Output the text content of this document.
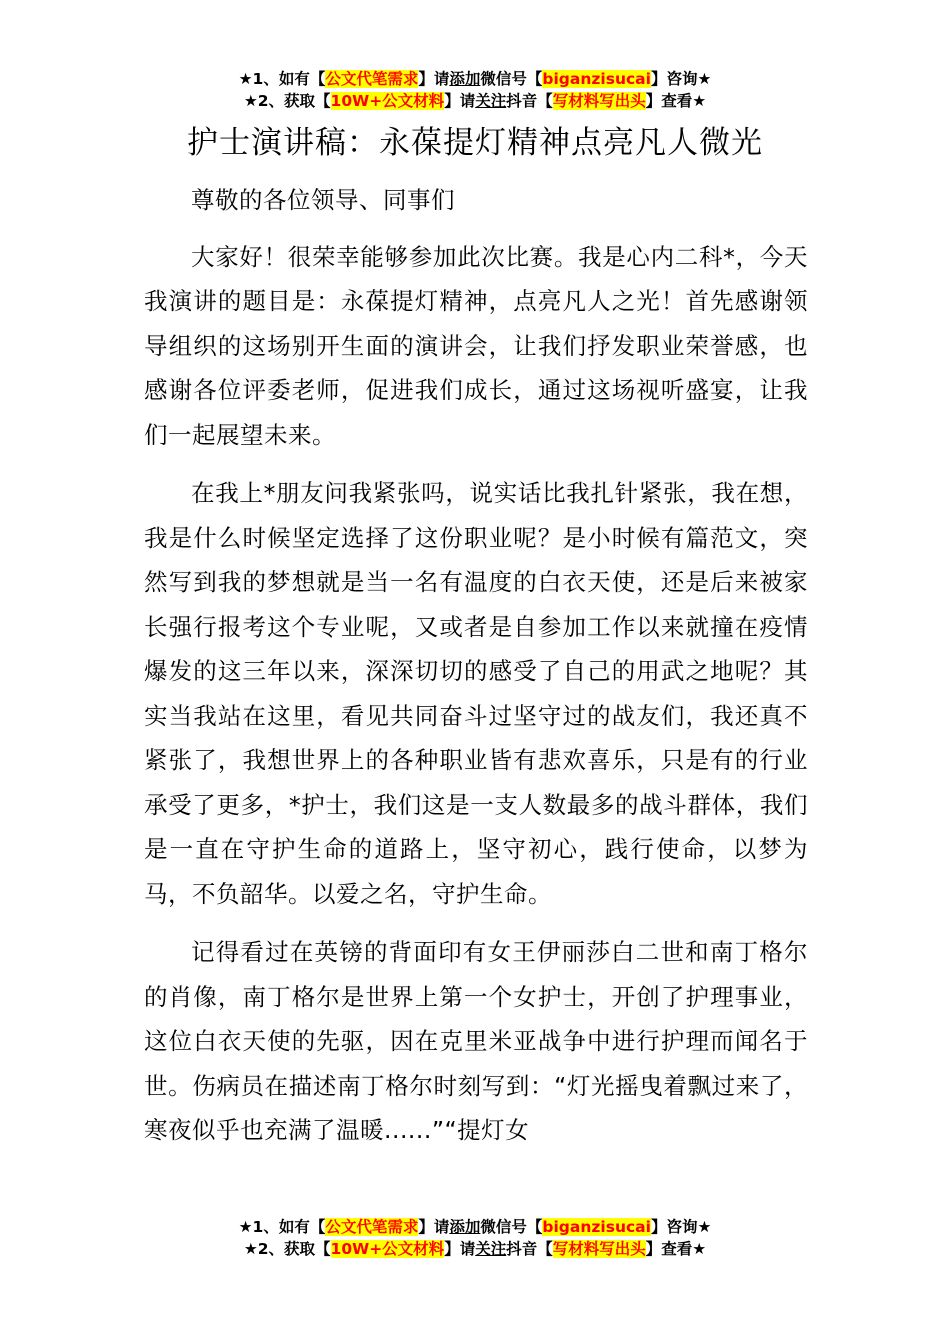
★1、如有【公文代笔需求】请添加微信号【biganzisucai】咨询★
★2、获取【10W+公文材料】请关注抖音【写材料写出头】查看★
护士演讲稿：永葆提灯精神点亮凡人微光

尊敬的各位领导、同事们

大家好！很荣幸能够参加此次比赛。我是心内二科*，今天我演讲的题目是：永葆提灯精神，点亮凡人之光！首先感谢领导组织的这场别开生面的演讲会，让我们抒发职业荣誉感，也感谢各位评委老师，促进我们成长，通过这场视听盛宴，让我们一起展望未来。

在我上*朋友问我紧张吗，说实话比我扎针紧张，我在想，我是什么时候坚定选择了这份职业呢？是小时候有篇范文，突然写到我的梦想就是当一名有温度的白衣天使，还是后来被家长强行报考这个专业呢，又或者是自参加工作以来就撞在疫情爆发的这三年以来，深深切切的感受了自己的用武之地呢？其实当我站在这里，看见共同奋斗过坚守过的战友们，我还真不紧张了，我想世界上的各种职业皆有悲欢喜乐，只是有的行业承受了更多，*护士，我们这是一支人数最多的战斗群体，我们是一直在守护生命的道路上，坚守初心，践行使命，以梦为马，不负韶华。以爱之名，守护生命。

记得看过在英镑的背面印有女王伊丽莎白二世和南丁格尔的肖像，南丁格尔是世界上第一个女护士，开创了护理事业，这位白衣天使的先驱，因在克里米亚战争中进行护理而闻名于世。伤病员在描述南丁格尔时刻写到：“灯光摇曳着飘过来了，寒夜似乎也充满了温暖......”“提灯女

★1、如有【公文代笔需求】请添加微信号【biganzisucai】咨询★
★2、获取【10W+公文材料】请关注抖音【写材料写出头】查看★
